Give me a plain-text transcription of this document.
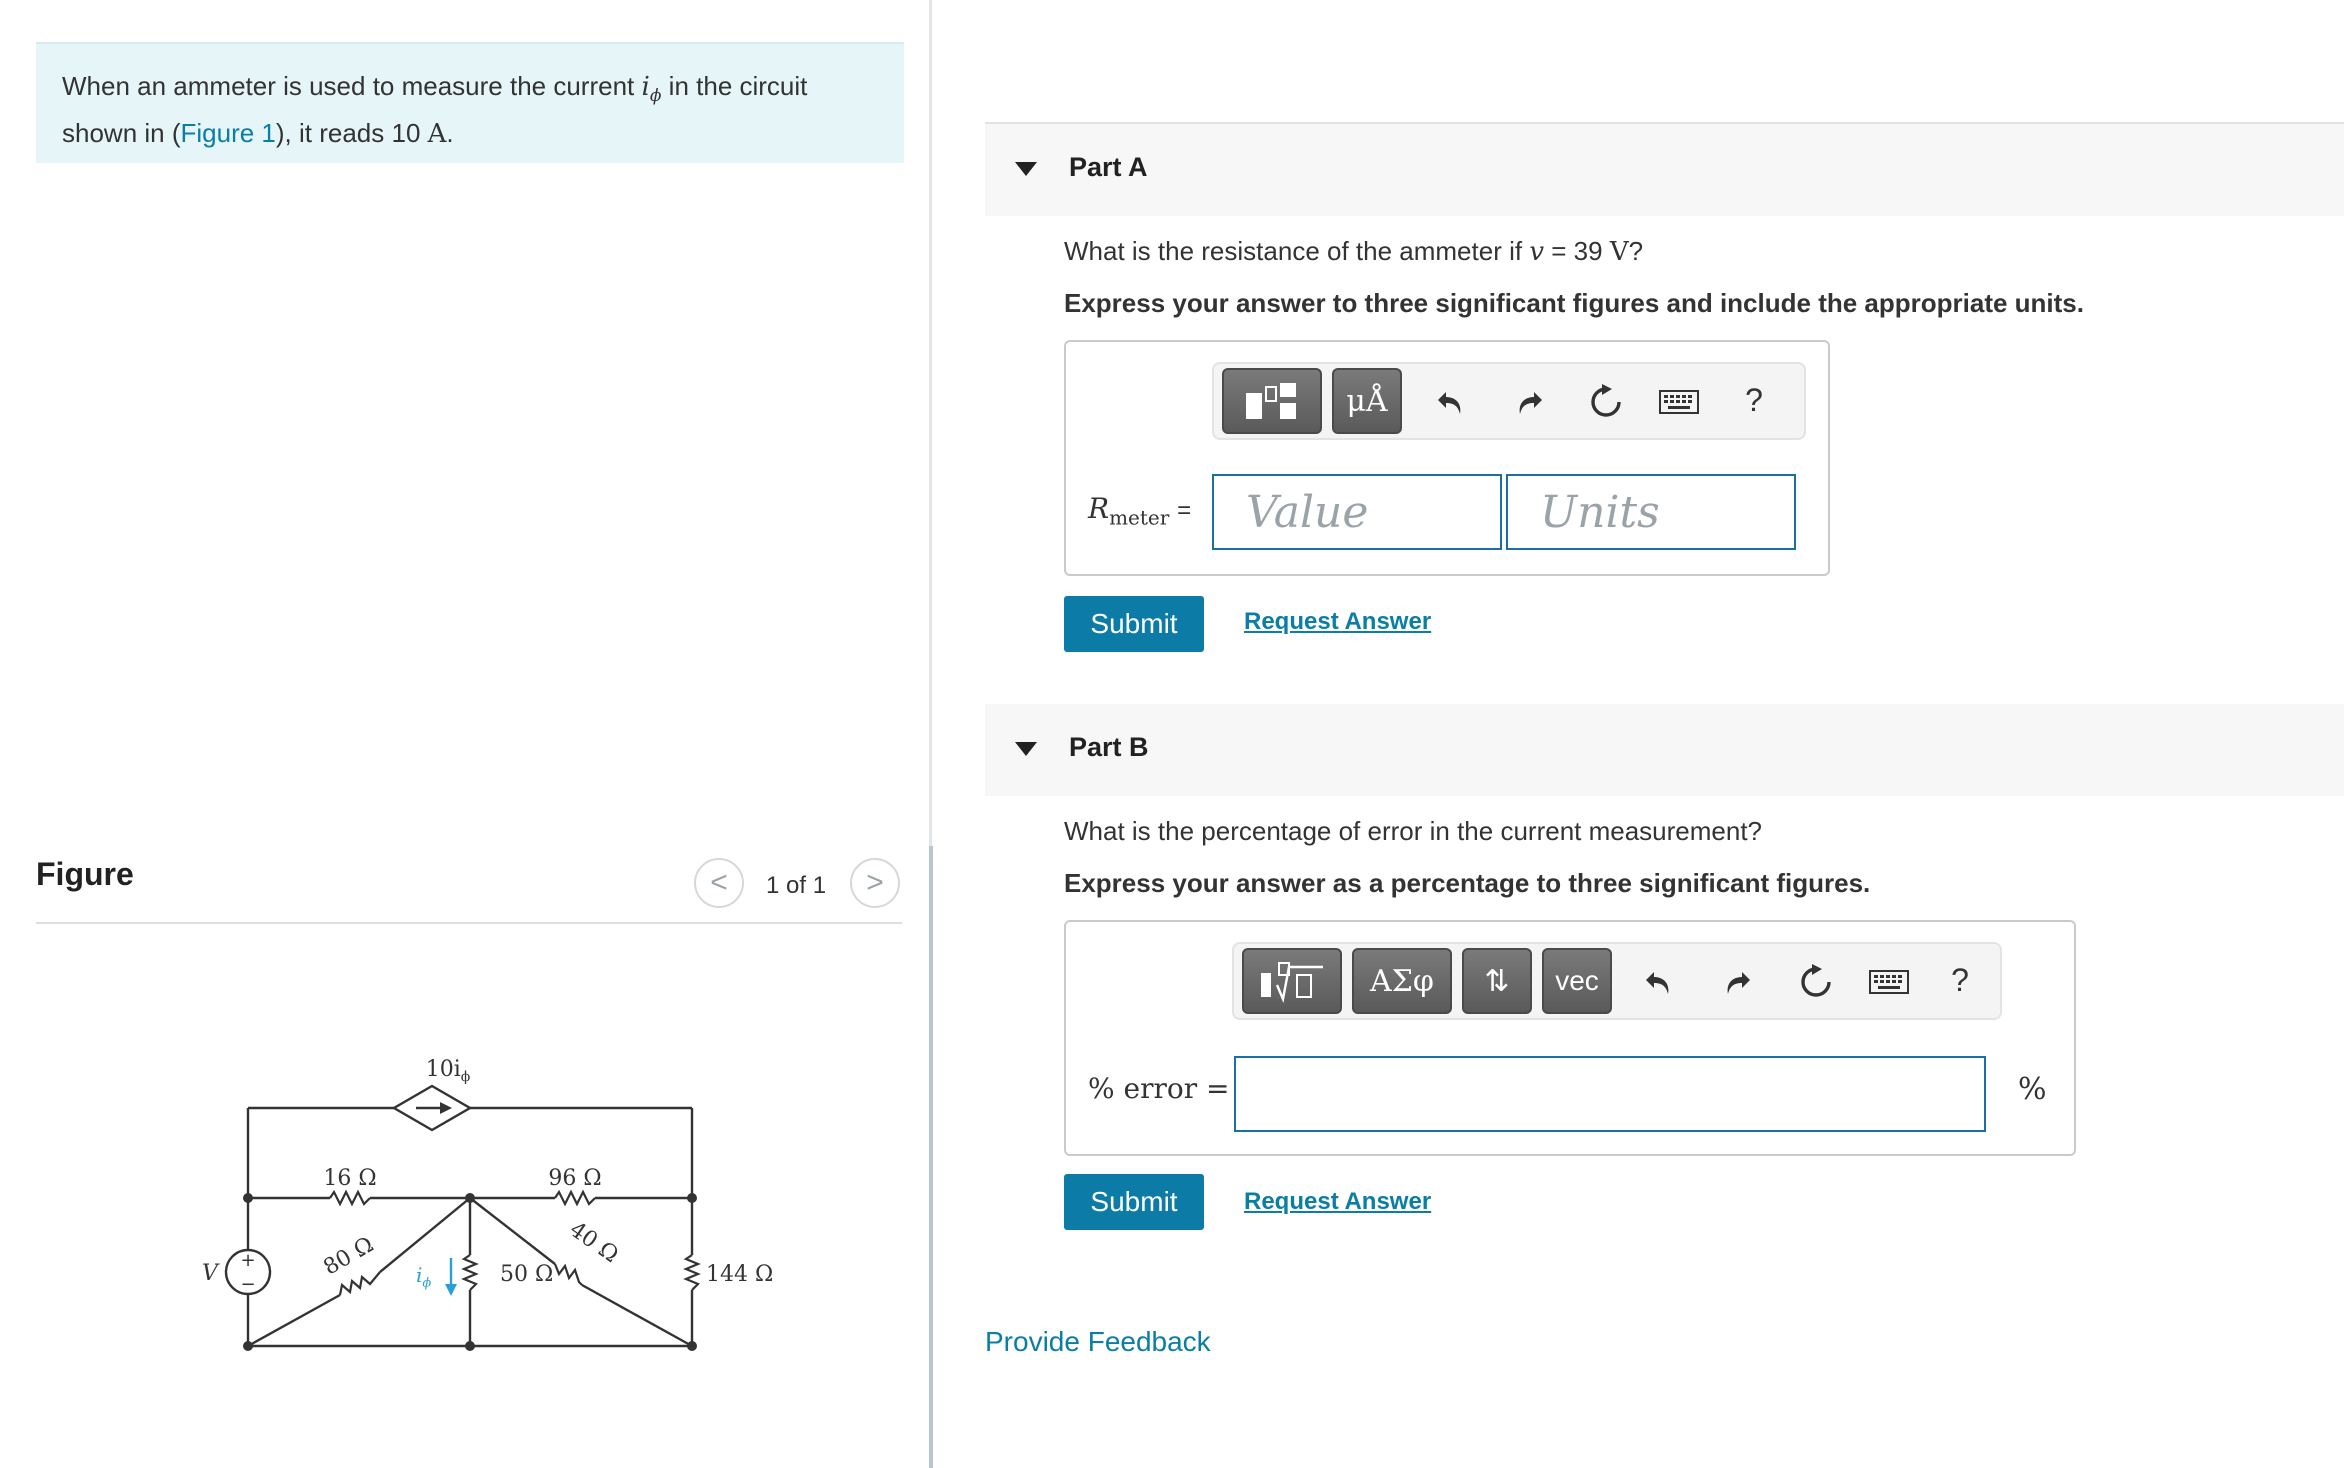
When an ammeter is used to measure the current $i_\phi$ in the circuit
shown in (Figure 1), it reads 10 A.
Figure	< 1 of 1 >
$10i_\phi$
16 Ω	96 Ω
80 Ω	40 Ω
50 Ω	144 Ω
V	$i_\phi$
+
−
Part A
What is the resistance of the ammeter if v = 39 V?
Express your answer to three significant figures and include the appropriate units.
μÅ	?
$R_{meter}$ =	Value	Units
Submit	Request Answer
Part B
What is the percentage of error in the current measurement?
Express your answer as a percentage to three significant figures.
ΑΣφ	⇅	vec	?
% error =	%
Submit	Request Answer
Provide Feedback
